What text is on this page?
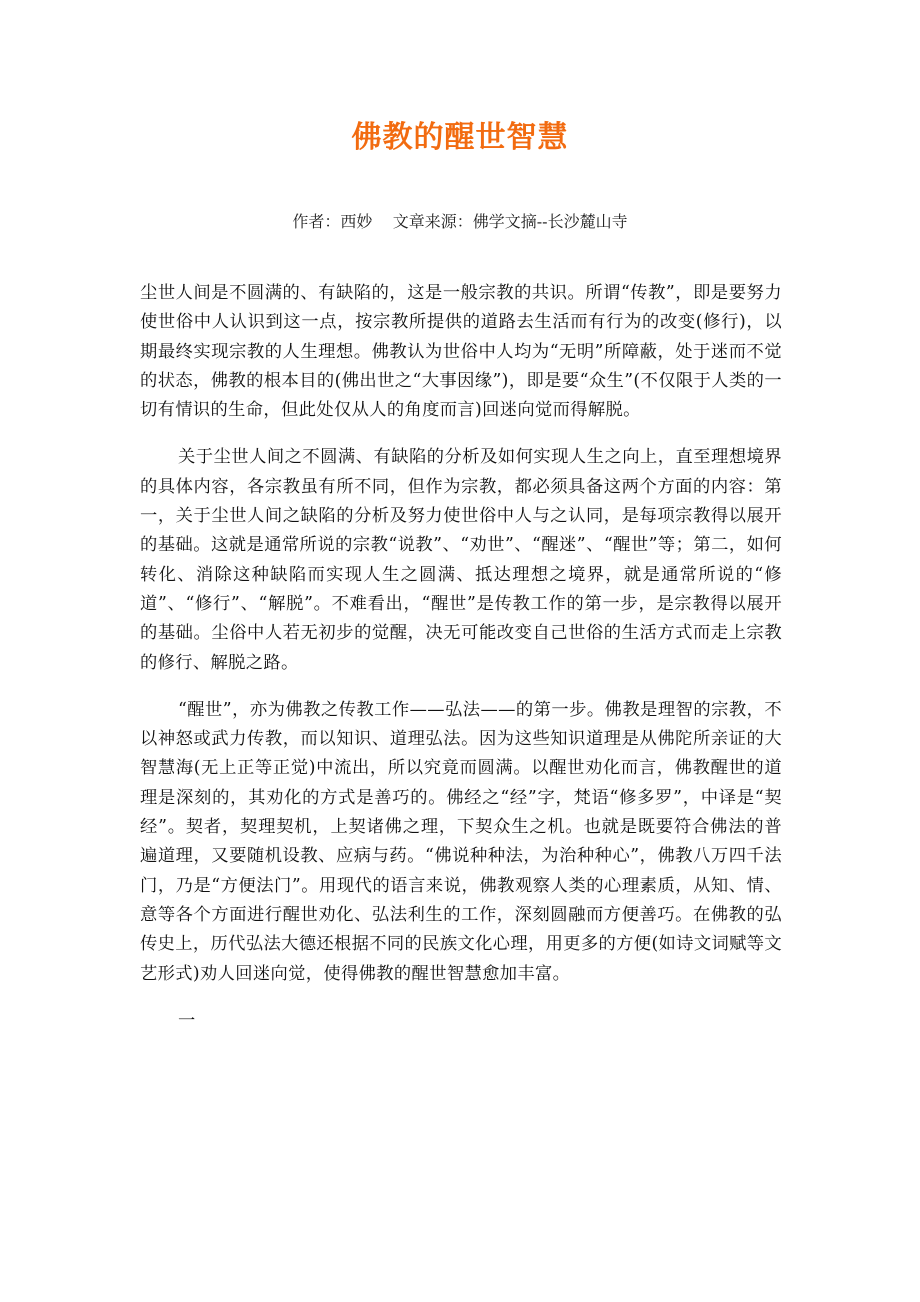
佛教的醒世智慧
作者：西妙 文章来源：佛学文摘--长沙麓山寺

尘世人间是不圆满的、有缺陷的，这是一般宗教的共识。所谓“传教”，即是要努力使世俗中人认识到这一点，按宗教所提供的道路去生活而有行为的改变(修行)，以期最终实现宗教的人生理想。佛教认为世俗中人均为“无明”所障蔽，处于迷而不觉的状态，佛教的根本目的(佛出世之“大事因缘”)，即是要“众生”(不仅限于人类的一切有情识的生命，但此处仅从人的角度而言)回迷向觉而得解脱。

关于尘世人间之不圆满、有缺陷的分析及如何实现人生之向上，直至理想境界的具体内容，各宗教虽有所不同，但作为宗教，都必须具备这两个方面的内容：第一，关于尘世人间之缺陷的分析及努力使世俗中人与之认同，是每项宗教得以展开的基础。这就是通常所说的宗教“说教”、“劝世”、“醒迷”、“醒世”等；第二，如何转化、消除这种缺陷而实现人生之圆满、抵达理想之境界，就是通常所说的“修道”、“修行”、“解脱”。不难看出，“醒世”是传教工作的第一步，是宗教得以展开的基础。尘俗中人若无初步的觉醒，决无可能改变自己世俗的生活方式而走上宗教的修行、解脱之路。

“醒世”，亦为佛教之传教工作——弘法——的第一步。佛教是理智的宗教，不以神怒或武力传教，而以知识、道理弘法。因为这些知识道理是从佛陀所亲证的大智慧海(无上正等正觉)中流出，所以究竟而圆满。以醒世劝化而言，佛教醒世的道理是深刻的，其劝化的方式是善巧的。佛经之“经”字，梵语“修多罗”，中译是“契经”。契者，契理契机，上契诸佛之理，下契众生之机。也就是既要符合佛法的普遍道理，又要随机设教、应病与药。“佛说种种法，为治种种心”，佛教八万四千法门，乃是“方便法门”。用现代的语言来说，佛教观察人类的心理素质，从知、情、意等各个方面进行醒世劝化、弘法利生的工作，深刻圆融而方便善巧。在佛教的弘传史上，历代弘法大德还根据不同的民族文化心理，用更多的方便(如诗文词赋等文艺形式)劝人回迷向觉，使得佛教的醒世智慧愈加丰富。

一
